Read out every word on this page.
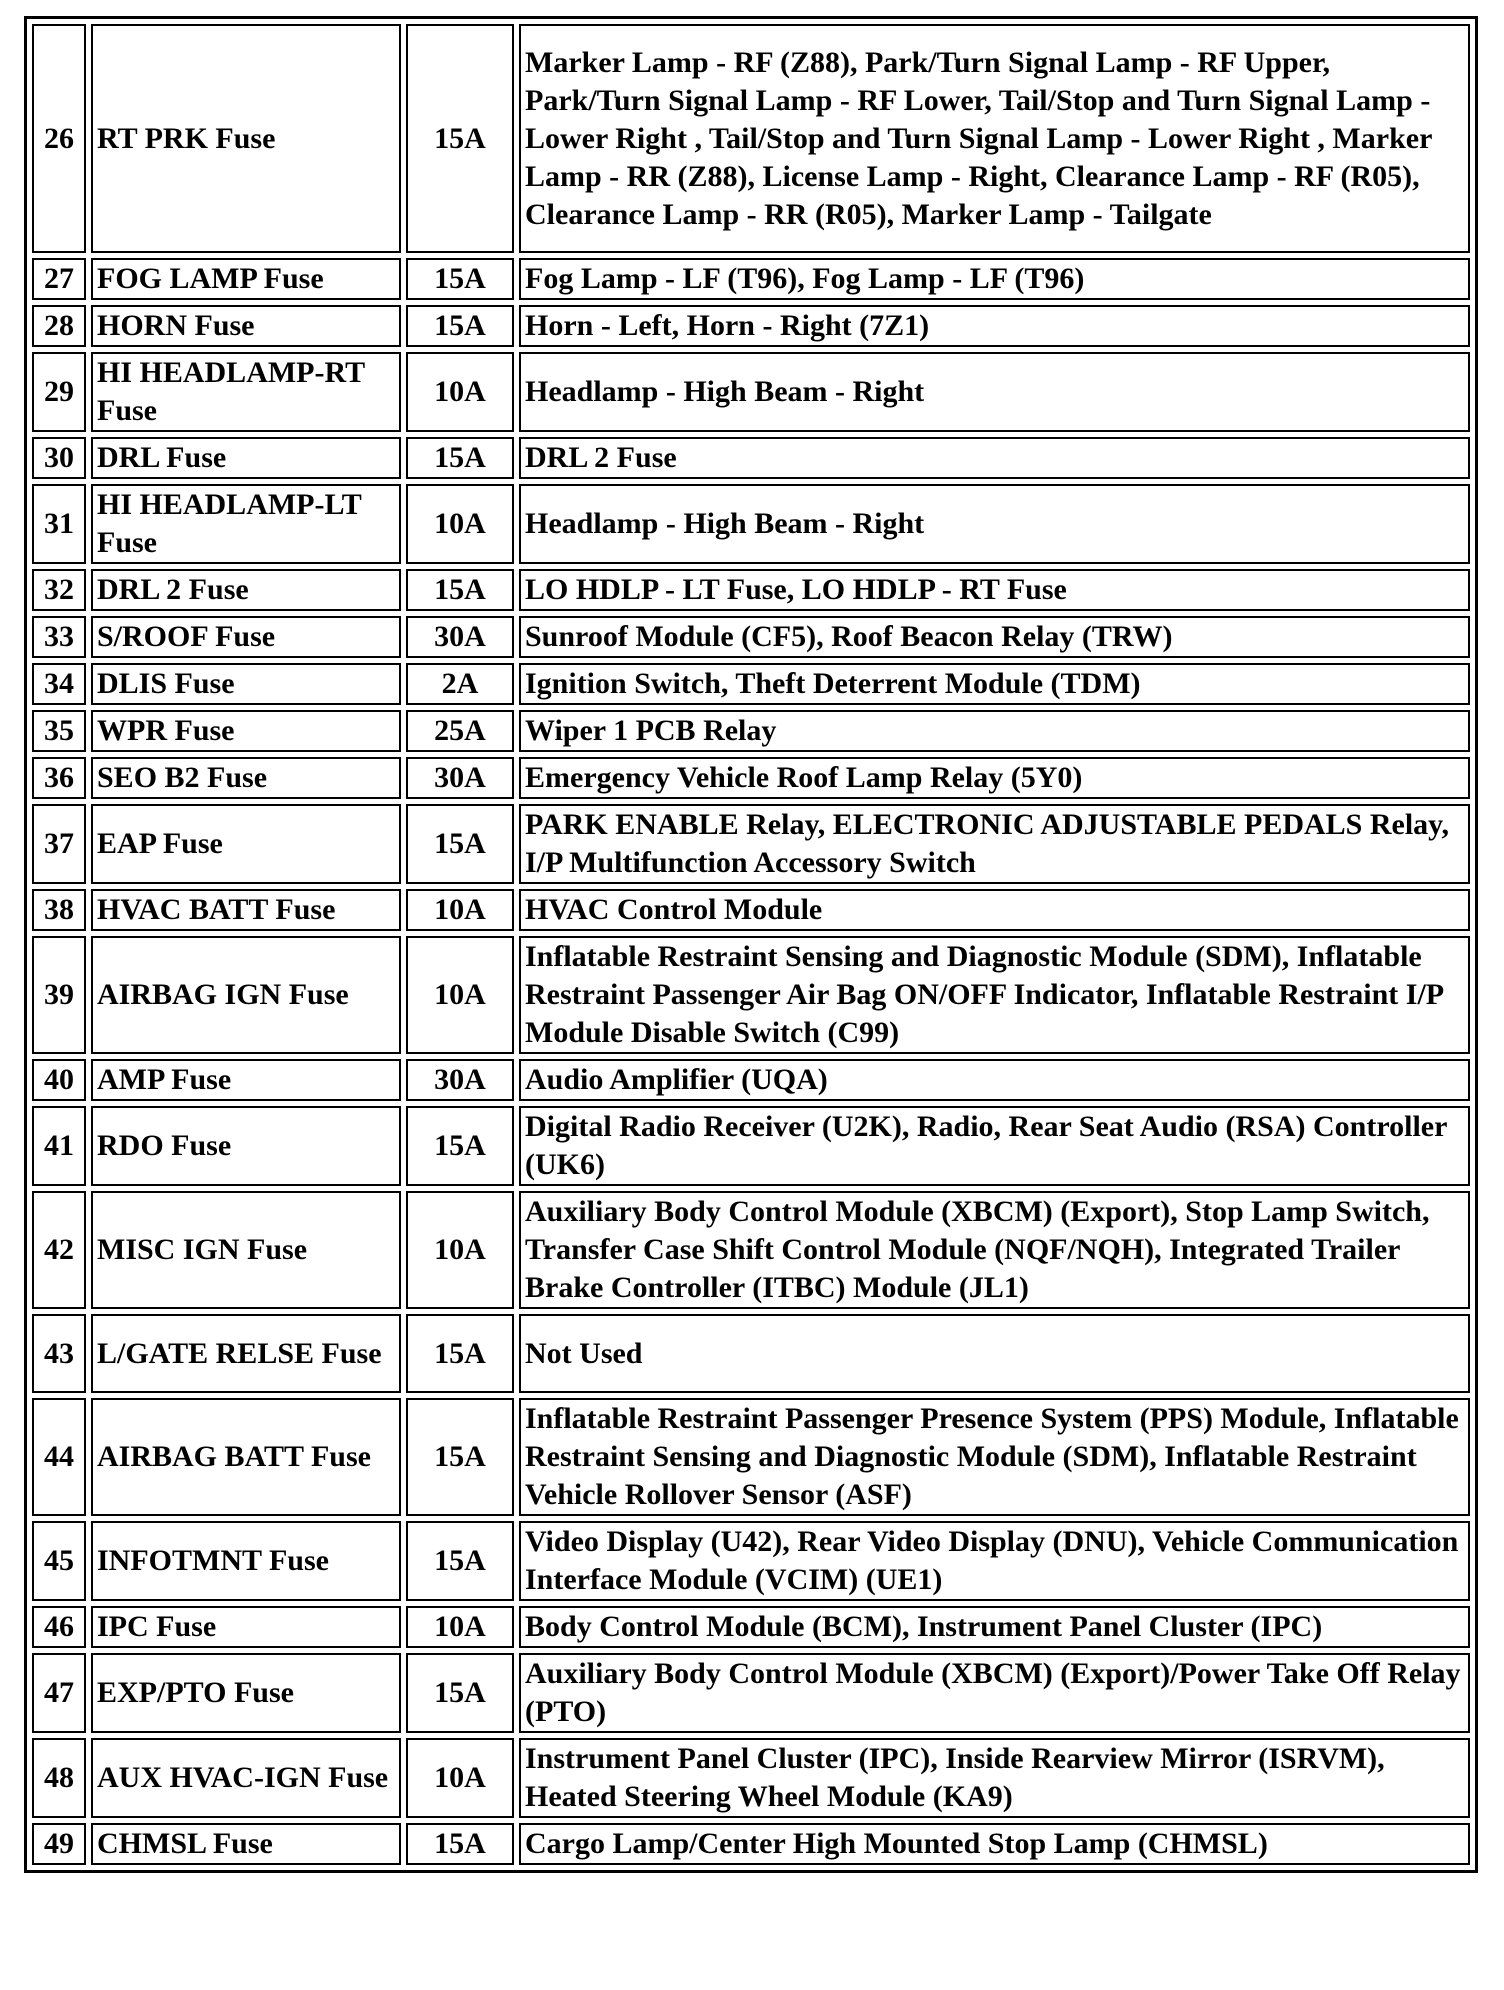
26	RT PRK Fuse	15A	Marker Lamp - RF (Z88), Park/Turn Signal Lamp - RF Upper, Park/Turn Signal Lamp - RF Lower, Tail/Stop and Turn Signal Lamp - Lower Right , Tail/Stop and Turn Signal Lamp - Lower Right , Marker Lamp - RR (Z88), License Lamp - Right, Clearance Lamp - RF (R05), Clearance Lamp - RR (R05), Marker Lamp - Tailgate
27	FOG LAMP Fuse	15A	Fog Lamp - LF (T96), Fog Lamp - LF (T96)
28	HORN Fuse	15A	Horn - Left, Horn - Right (7Z1)
29	HI HEADLAMP-RT Fuse	10A	Headlamp - High Beam - Right
30	DRL Fuse	15A	DRL 2 Fuse
31	HI HEADLAMP-LT Fuse	10A	Headlamp - High Beam - Right
32	DRL 2 Fuse	15A	LO HDLP - LT Fuse, LO HDLP - RT Fuse
33	S/ROOF Fuse	30A	Sunroof Module (CF5), Roof Beacon Relay (TRW)
34	DLIS Fuse	2A	Ignition Switch, Theft Deterrent Module (TDM)
35	WPR Fuse	25A	Wiper 1 PCB Relay
36	SEO B2 Fuse	30A	Emergency Vehicle Roof Lamp Relay (5Y0)
37	EAP Fuse	15A	PARK ENABLE Relay, ELECTRONIC ADJUSTABLE PEDALS Relay, I/P Multifunction Accessory Switch
38	HVAC BATT Fuse	10A	HVAC Control Module
39	AIRBAG IGN Fuse	10A	Inflatable Restraint Sensing and Diagnostic Module (SDM), Inflatable Restraint Passenger Air Bag ON/OFF Indicator, Inflatable Restraint I/P Module Disable Switch (C99)
40	AMP Fuse	30A	Audio Amplifier (UQA)
41	RDO Fuse	15A	Digital Radio Receiver (U2K), Radio, Rear Seat Audio (RSA) Controller (UK6)
42	MISC IGN Fuse	10A	Auxiliary Body Control Module (XBCM) (Export), Stop Lamp Switch, Transfer Case Shift Control Module (NQF/NQH), Integrated Trailer Brake Controller (ITBC) Module (JL1)
43	L/GATE RELSE Fuse	15A	Not Used
44	AIRBAG BATT Fuse	15A	Inflatable Restraint Passenger Presence System (PPS) Module, Inflatable Restraint Sensing and Diagnostic Module (SDM), Inflatable Restraint Vehicle Rollover Sensor (ASF)
45	INFOTMNT Fuse	15A	Video Display (U42), Rear Video Display (DNU), Vehicle Communication Interface Module (VCIM) (UE1)
46	IPC Fuse	10A	Body Control Module (BCM), Instrument Panel Cluster (IPC)
47	EXP/PTO Fuse	15A	Auxiliary Body Control Module (XBCM) (Export)/Power Take Off Relay (PTO)
48	AUX HVAC-IGN Fuse	10A	Instrument Panel Cluster (IPC), Inside Rearview Mirror (ISRVM), Heated Steering Wheel Module (KA9)
49	CHMSL Fuse	15A	Cargo Lamp/Center High Mounted Stop Lamp (CHMSL)
